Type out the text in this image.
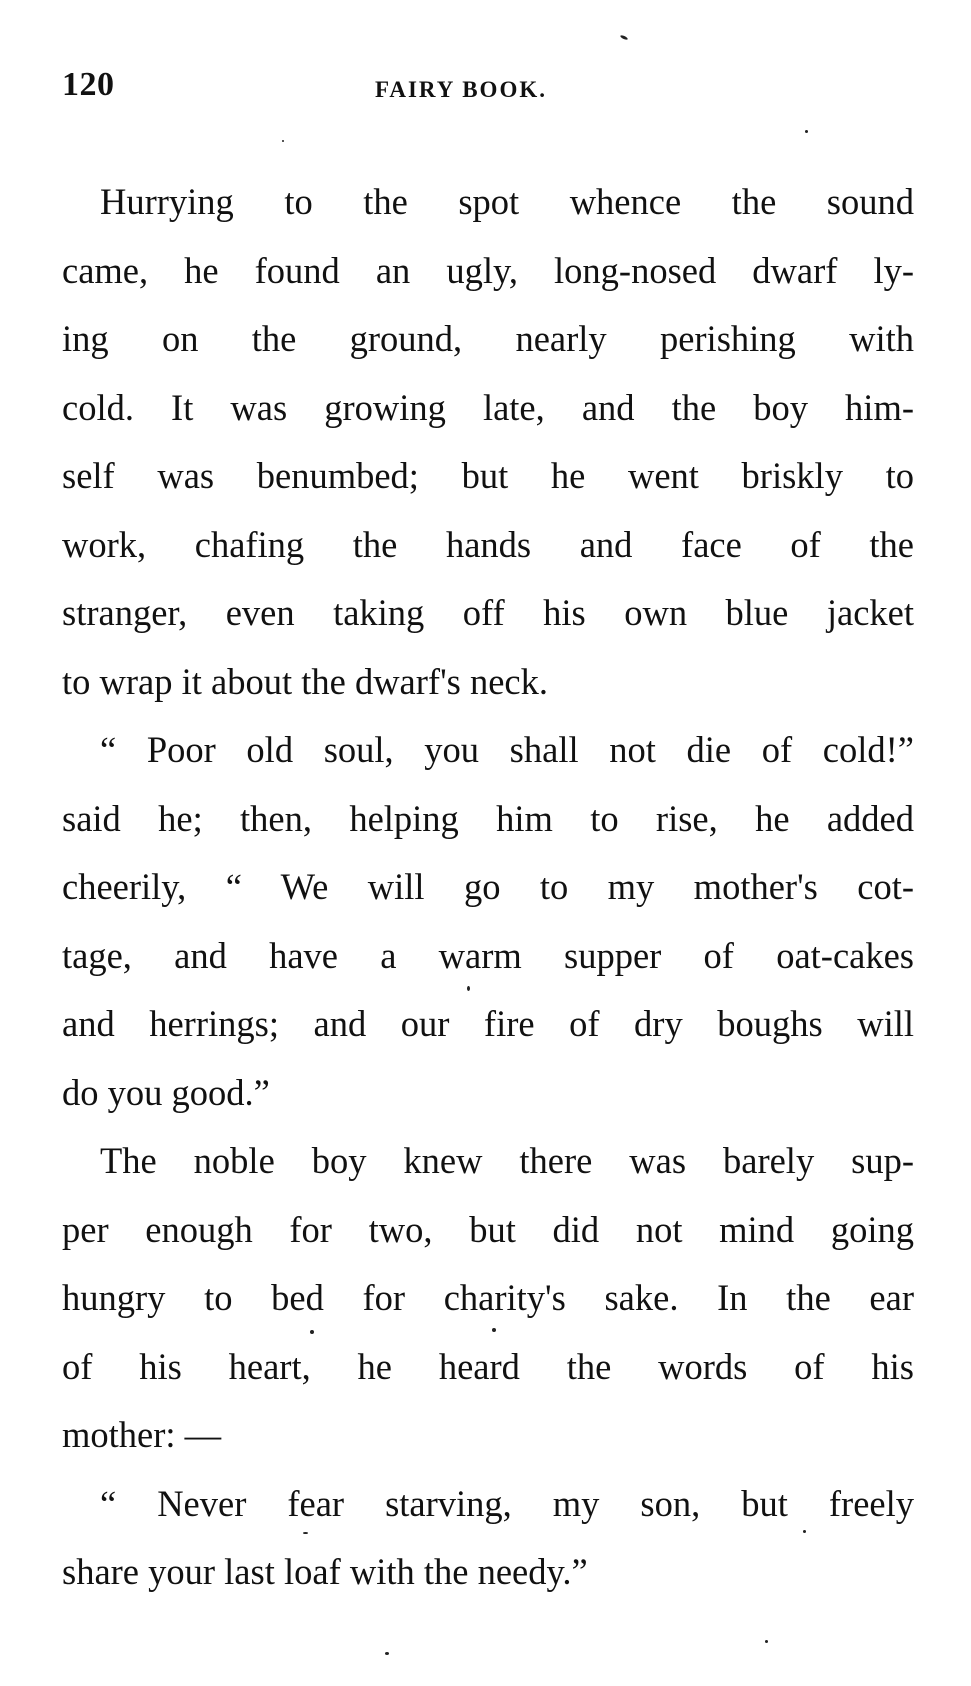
120	FAIRY BOOK.
Hurrying to the spot whence the sound
came, he found an ugly, long-nosed dwarf ly-
ing on the ground, nearly perishing with
cold. It was growing late, and the boy him-
self was benumbed; but he went briskly to
work, chafing the hands and face of the
stranger, even taking off his own blue jacket
to wrap it about the dwarf's neck.
“ Poor old soul, you shall not die of cold!”
said he; then, helping him to rise, he added
cheerily, “ We will go to my mother's cot-
tage, and have a warm supper of oat-cakes
and herrings; and our fire of dry boughs will
do you good.”
The noble boy knew there was barely sup-
per enough for two, but did not mind going
hungry to bed for charity's sake. In the ear
of his heart, he heard the words of his
mother: —
“ Never fear starving, my son, but freely
share your last loaf with the needy.”
